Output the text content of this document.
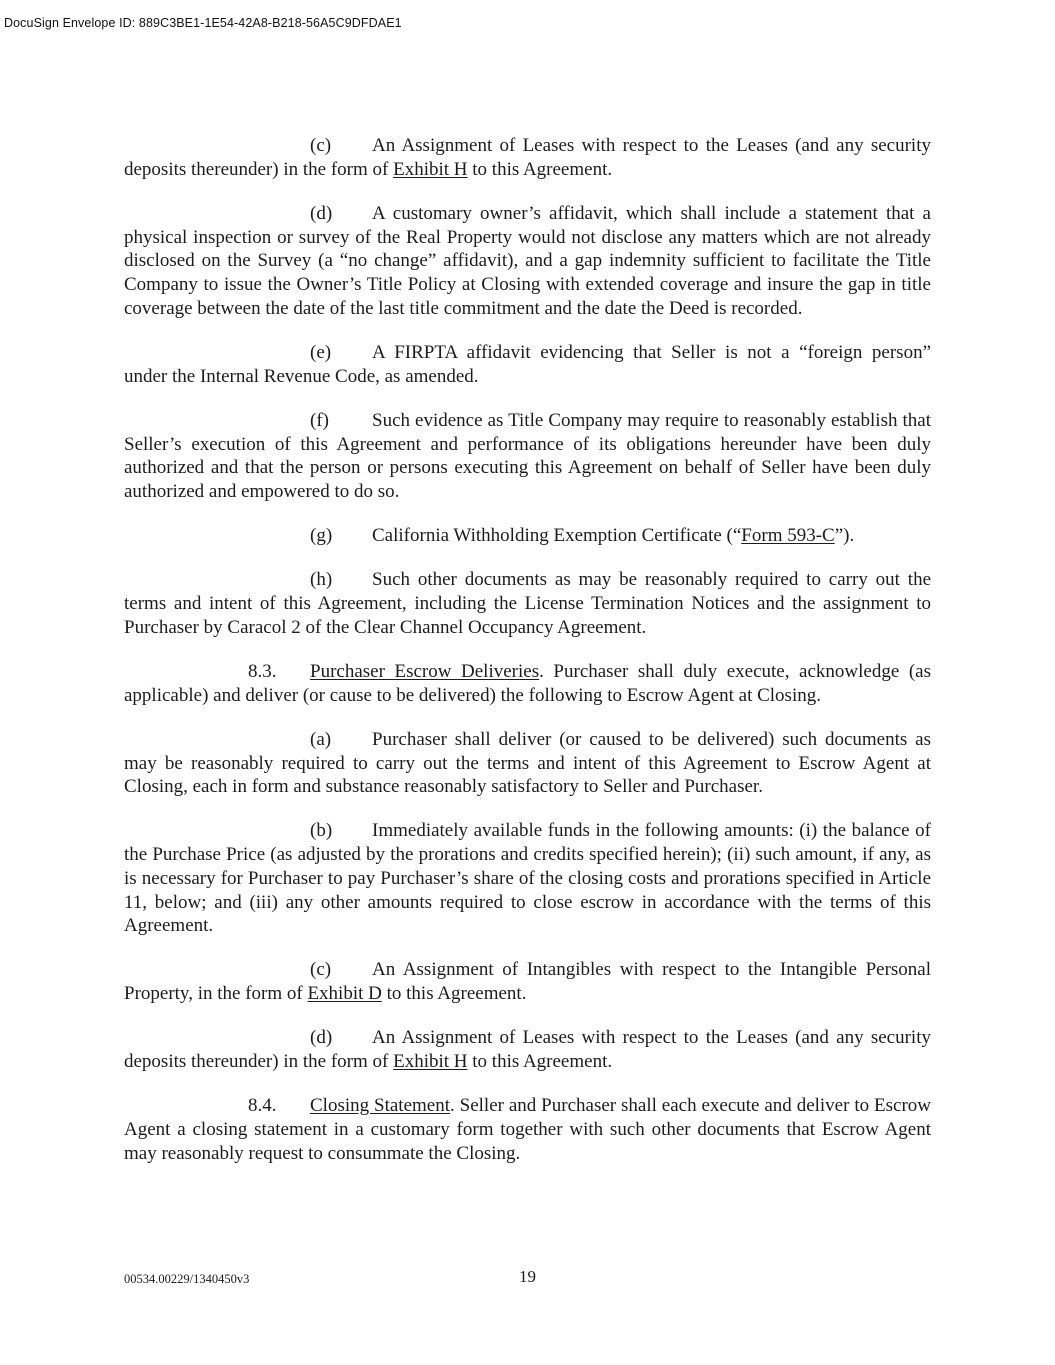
DocuSign Envelope ID: 889C3BE1-1E54-42A8-B218-56A5C9DFDAE1

(c) An Assignment of Leases with respect to the Leases (and any security deposits thereunder) in the form of Exhibit H to this Agreement.

(d) A customary owner’s affidavit, which shall include a statement that a physical inspection or survey of the Real Property would not disclose any matters which are not already disclosed on the Survey (a “no change” affidavit), and a gap indemnity sufficient to facilitate the Title Company to issue the Owner’s Title Policy at Closing with extended coverage and insure the gap in title coverage between the date of the last title commitment and the date the Deed is recorded.

(e) A FIRPTA affidavit evidencing that Seller is not a “foreign person” under the Internal Revenue Code, as amended.

(f) Such evidence as Title Company may require to reasonably establish that Seller’s execution of this Agreement and performance of its obligations hereunder have been duly authorized and that the person or persons executing this Agreement on behalf of Seller have been duly authorized and empowered to do so.

(g) California Withholding Exemption Certificate (“Form 593-C”).

(h) Such other documents as may be reasonably required to carry out the terms and intent of this Agreement, including the License Termination Notices and the assignment to Purchaser by Caracol 2 of the Clear Channel Occupancy Agreement.

8.3. Purchaser Escrow Deliveries. Purchaser shall duly execute, acknowledge (as applicable) and deliver (or cause to be delivered) the following to Escrow Agent at Closing.

(a) Purchaser shall deliver (or caused to be delivered) such documents as may be reasonably required to carry out the terms and intent of this Agreement to Escrow Agent at Closing, each in form and substance reasonably satisfactory to Seller and Purchaser.

(b) Immediately available funds in the following amounts: (i) the balance of the Purchase Price (as adjusted by the prorations and credits specified herein); (ii) such amount, if any, as is necessary for Purchaser to pay Purchaser’s share of the closing costs and prorations specified in Article 11, below; and (iii) any other amounts required to close escrow in accordance with the terms of this Agreement.

(c) An Assignment of Intangibles with respect to the Intangible Personal Property, in the form of Exhibit D to this Agreement.

(d) An Assignment of Leases with respect to the Leases (and any security deposits thereunder) in the form of Exhibit H to this Agreement.

8.4. Closing Statement. Seller and Purchaser shall each execute and deliver to Escrow Agent a closing statement in a customary form together with such other documents that Escrow Agent may reasonably request to consummate the Closing.

00534.00229/1340450v3	19
